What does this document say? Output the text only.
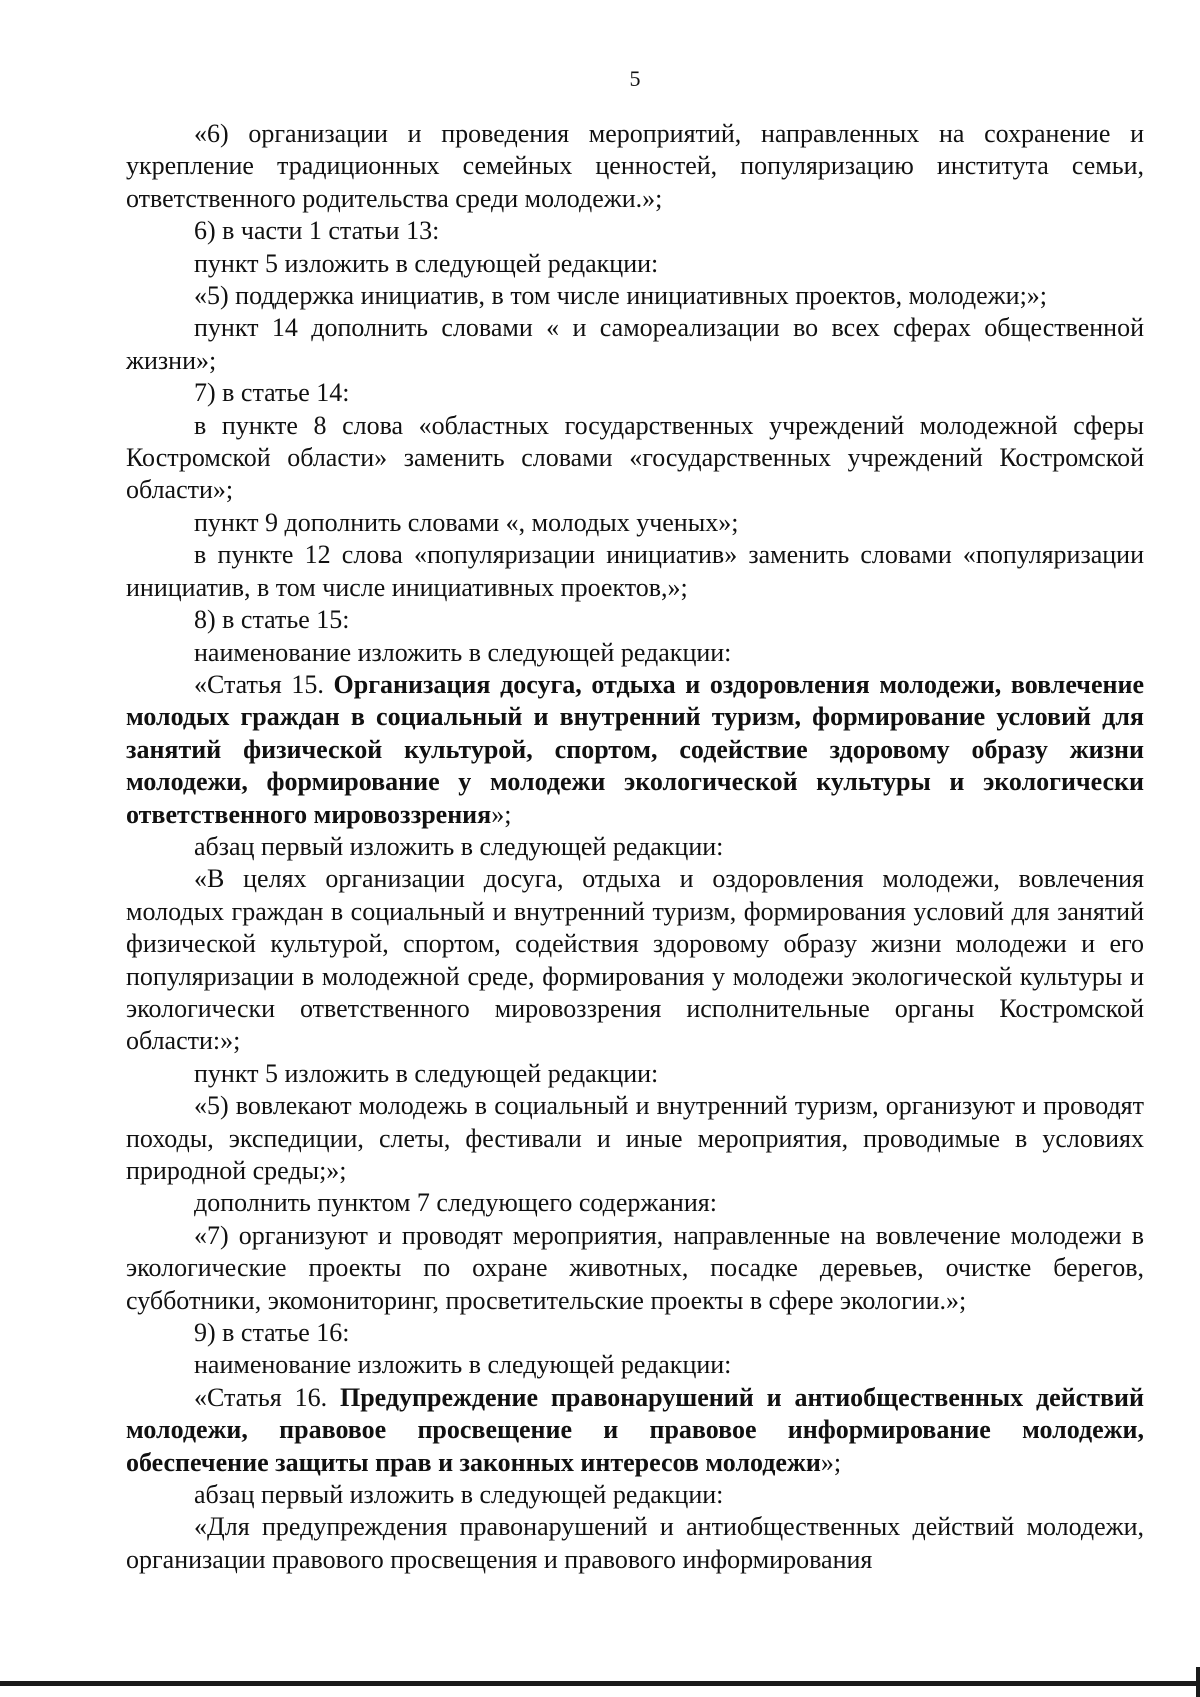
5

«6) организации и проведения мероприятий, направленных на сохранение и укрепление традиционных семейных ценностей, популяризацию института семьи, ответственного родительства среди молодежи.»;

6) в части 1 статьи 13:

пункт 5 изложить в следующей редакции:

«5) поддержка инициатив, в том числе инициативных проектов, молодежи;»;

пункт 14 дополнить словами « и самореализации во всех сферах общественной жизни»;

7) в статье 14:

в пункте 8 слова «областных государственных учреждений молодежной сферы Костромской области» заменить словами «государственных учреждений Костромской области»;

пункт 9 дополнить словами «, молодых ученых»;

в пункте 12 слова «популяризации инициатив» заменить словами «популяризации инициатив, в том числе инициативных проектов,»;

8) в статье 15:

наименование изложить в следующей редакции:

«Статья 15. Организация досуга, отдыха и оздоровления молодежи, вовлечение молодых граждан в социальный и внутренний туризм, формирование условий для занятий физической культурой, спортом, содействие здоровому образу жизни молодежи, формирование у молодежи экологической культуры и экологически ответственного мировоззрения»;

абзац первый изложить в следующей редакции:

«В целях организации досуга, отдыха и оздоровления молодежи, вовлечения молодых граждан в социальный и внутренний туризм, формирования условий для занятий физической культурой, спортом, содействия здоровому образу жизни молодежи и его популяризации в молодежной среде, формирования у молодежи экологической культуры и экологически ответственного мировоззрения исполнительные органы Костромской области:»;

пункт 5 изложить в следующей редакции:

«5) вовлекают молодежь в социальный и внутренний туризм, организуют и проводят походы, экспедиции, слеты, фестивали и иные мероприятия, проводимые в условиях природной среды;»;

дополнить пунктом 7 следующего содержания:

«7) организуют и проводят мероприятия, направленные на вовлечение молодежи в экологические проекты по охране животных, посадке деревьев, очистке берегов, субботники, экомониторинг, просветительские проекты в сфере экологии.»;

9) в статье 16:

наименование изложить в следующей редакции:

«Статья 16. Предупреждение правонарушений и антиобщественных действий молодежи, правовое просвещение и правовое информирование молодежи, обеспечение защиты прав и законных интересов молодежи»;

абзац первый изложить в следующей редакции:

«Для предупреждения правонарушений и антиобщественных действий молодежи, организации правового просвещения и правового информирования
